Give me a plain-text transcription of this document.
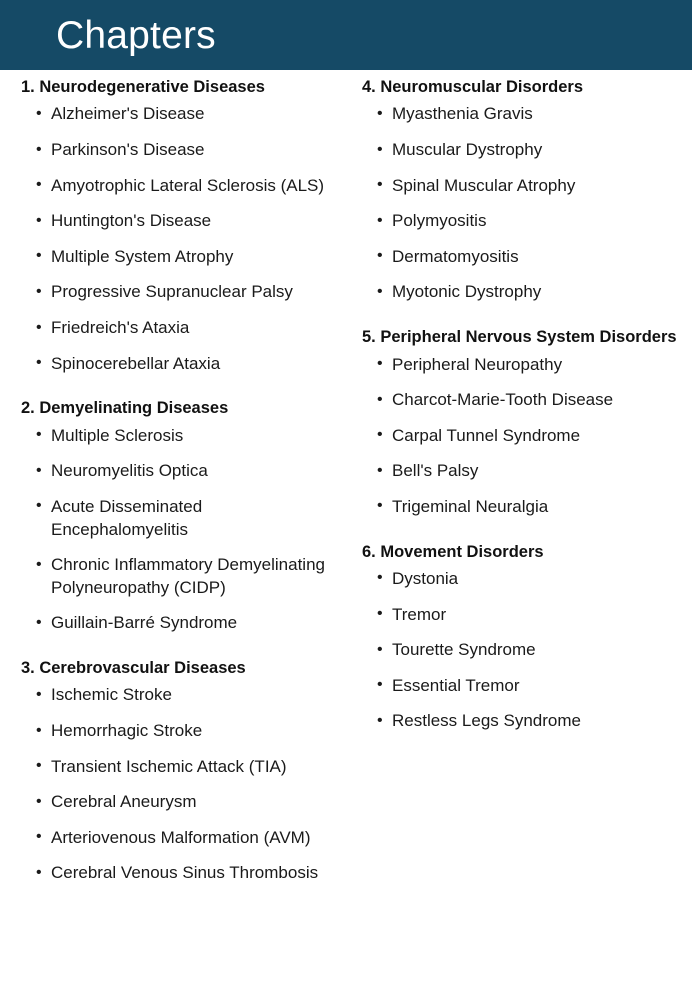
Chapters
1. Neurodegenerative Diseases
• Alzheimer's Disease
• Parkinson's Disease
• Amyotrophic Lateral Sclerosis (ALS)
• Huntington's Disease
• Multiple System Atrophy
• Progressive Supranuclear Palsy
• Friedreich's Ataxia
• Spinocerebellar Ataxia
2. Demyelinating Diseases
• Multiple Sclerosis
• Neuromyelitis Optica
• Acute Disseminated Encephalomyelitis
• Chronic Inflammatory Demyelinating Polyneuropathy (CIDP)
• Guillain-Barré Syndrome
3. Cerebrovascular Diseases
• Ischemic Stroke
• Hemorrhagic Stroke
• Transient Ischemic Attack (TIA)
• Cerebral Aneurysm
• Arteriovenous Malformation (AVM)
• Cerebral Venous Sinus Thrombosis
4. Neuromuscular Disorders
• Myasthenia Gravis
• Muscular Dystrophy
• Spinal Muscular Atrophy
• Polymyositis
• Dermatomyositis
• Myotonic Dystrophy
5. Peripheral Nervous System Disorders
• Peripheral Neuropathy
• Charcot-Marie-Tooth Disease
• Carpal Tunnel Syndrome
• Bell's Palsy
• Trigeminal Neuralgia
6. Movement Disorders
• Dystonia
• Tremor
• Tourette Syndrome
• Essential Tremor
• Restless Legs Syndrome
